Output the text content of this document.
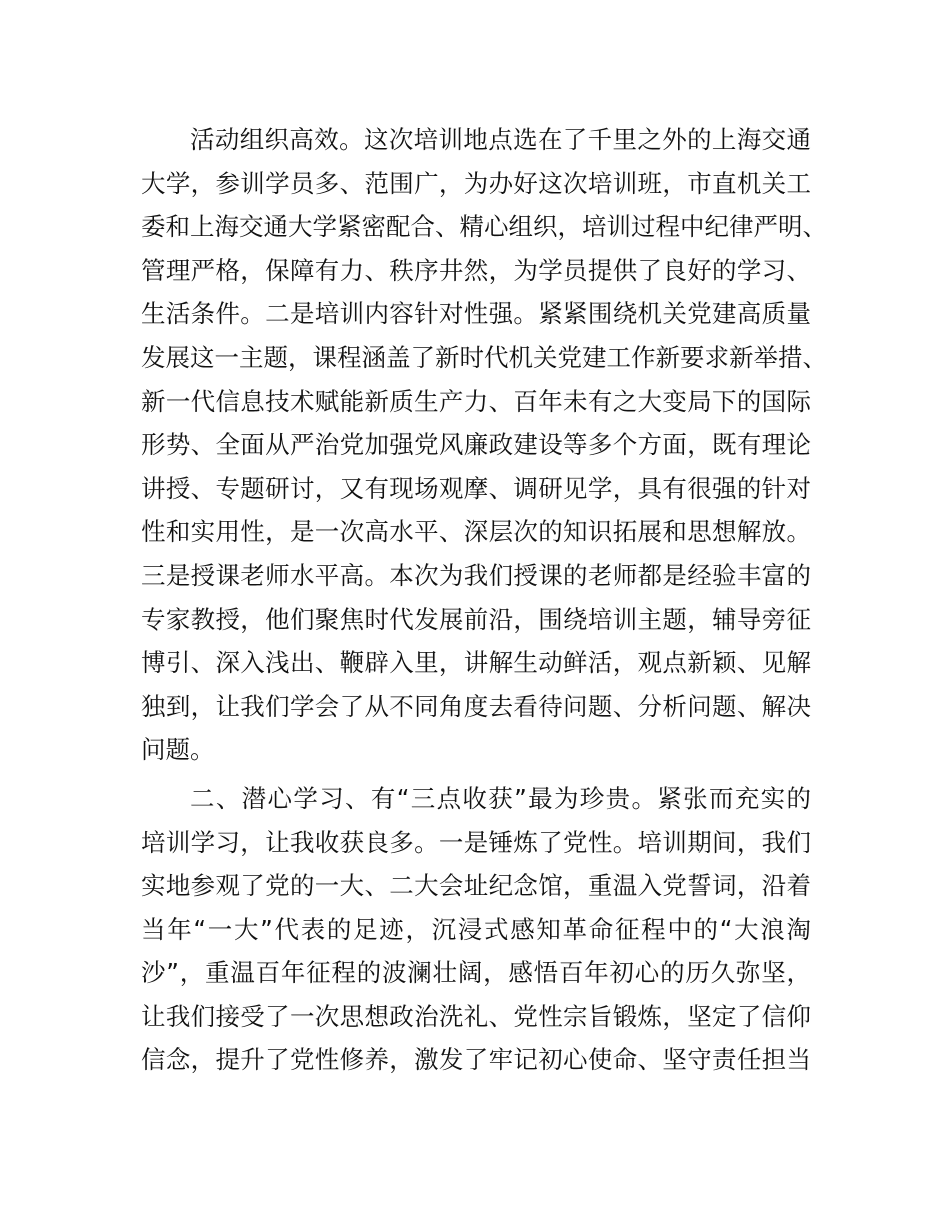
活动组织高效。这次培训地点选在了千里之外的上海交通
大学，参训学员多、范围广，为办好这次培训班，市直机关工
委和上海交通大学紧密配合、精心组织，培训过程中纪律严明、
管理严格，保障有力、秩序井然，为学员提供了良好的学习、
生活条件。二是培训内容针对性强。紧紧围绕机关党建高质量
发展这一主题，课程涵盖了新时代机关党建工作新要求新举措、
新一代信息技术赋能新质生产力、百年未有之大变局下的国际
形势、全面从严治党加强党风廉政建设等多个方面，既有理论
讲授、专题研讨，又有现场观摩、调研见学，具有很强的针对
性和实用性，是一次高水平、深层次的知识拓展和思想解放。
三是授课老师水平高。本次为我们授课的老师都是经验丰富的
专家教授，他们聚焦时代发展前沿，围绕培训主题，辅导旁征
博引、深入浅出、鞭辟入里，讲解生动鲜活，观点新颖、见解
独到，让我们学会了从不同角度去看待问题、分析问题、解决
问题。

二、潜心学习、有“三点收获”最为珍贵。紧张而充实的
培训学习，让我收获良多。一是锤炼了党性。培训期间，我们
实地参观了党的一大、二大会址纪念馆，重温入党誓词，沿着
当年“一大”代表的足迹，沉浸式感知革命征程中的“大浪淘
沙”，重温百年征程的波澜壮阔，感悟百年初心的历久弥坚，
让我们接受了一次思想政治洗礼、党性宗旨锻炼，坚定了信仰
信念，提升了党性修养，激发了牢记初心使命、坚守责任担当
